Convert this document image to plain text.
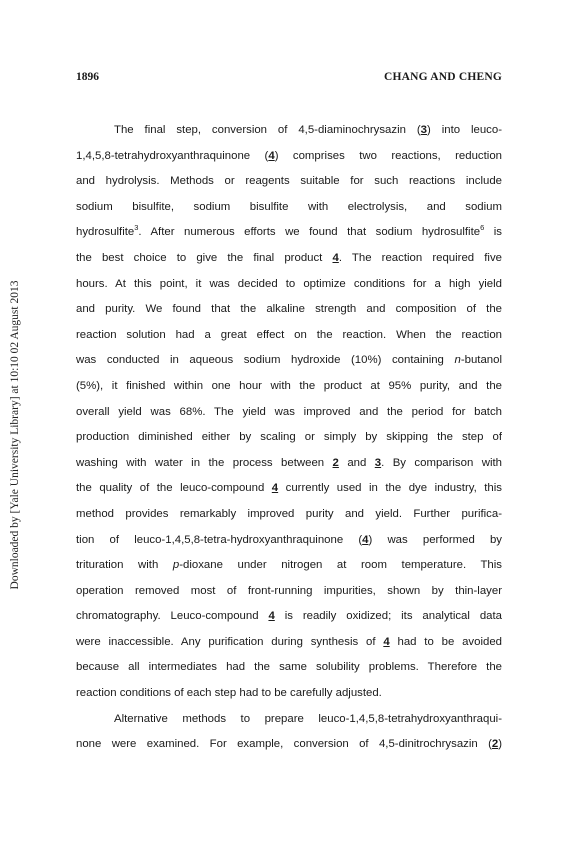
Downloaded by [Yale University Library] at 10:10 02 August 2013
1896	CHANG AND CHENG
The final step, conversion of 4,5-diaminochrysazin (3) into leuco-
1,4,5,8-tetrahydroxyanthraquinone (4) comprises two reactions, reduction
and hydrolysis. Methods or reagents suitable for such reactions include
sodium bisulfite, sodium bisulfite with electrolysis, and sodium
hydrosulfite$^3$. After numerous efforts we found that sodium hydrosulfite$^6$ is
the best choice to give the final product 4. The reaction required five
hours. At this point, it was decided to optimize conditions for a high yield
and purity. We found that the alkaline strength and composition of the
reaction solution had a great effect on the reaction. When the reaction
was conducted in aqueous sodium hydroxide (10%) containing n-butanol
(5%), it finished within one hour with the product at 95% purity, and the
overall yield was 68%. The yield was improved and the period for batch
production diminished either by scaling or simply by skipping the step of
washing with water in the process between 2 and 3. By comparison with
the quality of the leuco-compound 4 currently used in the dye industry, this
method provides remarkably improved purity and yield. Further purifica-
tion of leuco-1,4,5,8-tetra-hydroxyanthraquinone (4) was performed by
trituration with p-dioxane under nitrogen at room temperature. This
operation removed most of front-running impurities, shown by thin-layer
chromatography. Leuco-compound 4 is readily oxidized; its analytical data
were inaccessible. Any purification during synthesis of 4 had to be avoided
because all intermediates had the same solubility problems. Therefore the
reaction conditions of each step had to be carefully adjusted.
Alternative methods to prepare leuco-1,4,5,8-tetrahydroxyanthraqui-
none were examined. For example, conversion of 4,5-dinitrochrysazin (2)
